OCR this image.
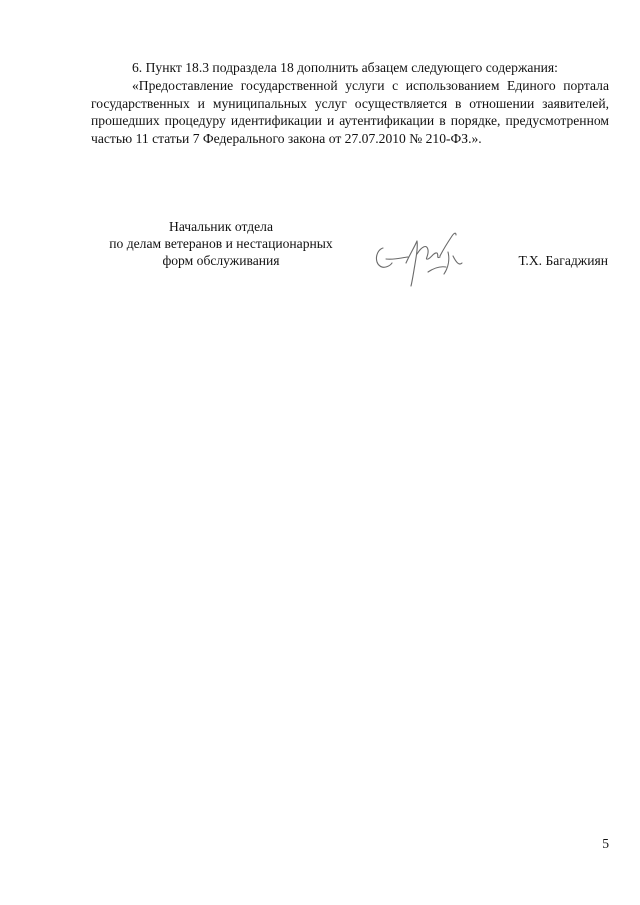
6. Пункт 18.3 подраздела 18 дополнить абзацем следующего содержания:

«Предоставление государственной услуги с использованием Единого портала государственных и муниципальных услуг осуществляется в отношении заявителей, прошедших процедуру идентификации и аутентификации в порядке, предусмотренном частью 11 статьи 7 Федерального закона от 27.07.2010 № 210-ФЗ.».

Начальник отдела
по делам ветеранов и нестационарных
форм обслуживания	Т.Х. Багаджиян
5
